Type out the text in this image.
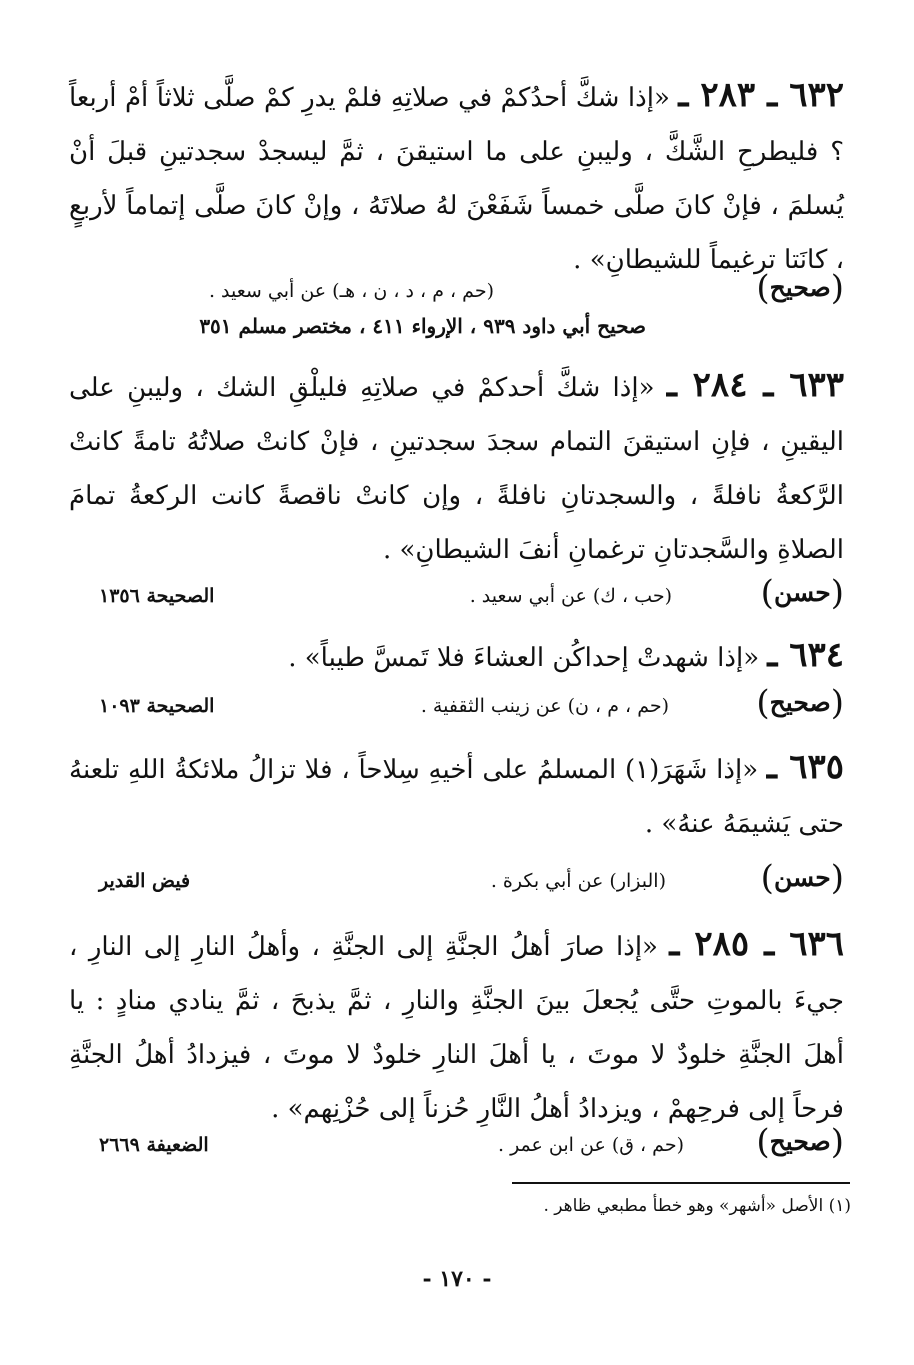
٦٣٢ ـ ٢٨٣ ـ «إذا شكَّ أحدُكمْ في صلاتِهِ فلمْ يدرِ كمْ صلَّى ثلاثاً أمْ أربعاً ؟ فليطرحِ الشَّكَّ ، وليبنِ على ما استيقنَ ، ثمَّ ليسجدْ سجدتينِ قبلَ أنْ يُسلمَ ، فإنْ كانَ صلَّى خمساً شَفَعْنَ لهُ صلاتَهُ ، وإنْ كانَ صلَّى إتماماً لأربعٍ ، كانَتا ترغيماً للشيطانِ» .

(صحيح)
(حم ، م ، د ، ن ، هـ) عن أبي سعيد .
صحيح أبي داود ٩٣٩ ، الإرواء ٤١١ ، مختصر مسلم ٣٥١

٦٣٣ ـ ٢٨٤ ـ «إذا شكَّ أحدكمْ في صلاتِهِ فليلْقِ الشك ، وليبنِ على اليقينِ ، فإنِ استيقنَ التمام سجدَ سجدتينِ ، فإنْ كانتْ صلاتُهُ تامةً كانتْ الرَّكعةُ نافلةً ، والسجدتانِ نافلةً ، وإن كانتْ ناقصةً كانت الركعةُ تمامَ الصلاةِ والسَّجدتانِ ترغمانِ أنفَ الشيطانِ» .

(حسن)
(حب ، ك) عن أبي سعيد .
الصحيحة ١٣٥٦

٦٣٤ ـ «إذا شهدتْ إحداكُن العشاءَ فلا تَمسَّ طيباً» .

(صحيح)
(حم ، م ، ن) عن زينب الثقفية .
الصحيحة ١٠٩٣

٦٣٥ ـ «إذا شَهَرَ(١) المسلمُ على أخيهِ سِلاحاً ، فلا تزالُ ملائكةُ اللهِ تلعنهُ حتى يَشيمَهُ عنهُ» .

(حسن)
(البزار) عن أبي بكرة .
فيض القدير

٦٣٦ ـ ٢٨٥ ـ «إذا صارَ أهلُ الجنَّةِ إلى الجنَّةِ ، وأهلُ النارِ إلى النارِ ، جيءَ بالموتِ حتَّى يُجعلَ بينَ الجنَّةِ والنارِ ، ثمَّ يذبحَ ، ثمَّ ينادي منادٍ : يا أهلَ الجنَّةِ خلودٌ لا موتَ ، يا أهلَ النارِ خلودٌ لا موتَ ، فيزدادُ أهلُ الجنَّةِ فرحاً إلى فرحِهمْ ، ويزدادُ أهلُ النَّارِ حُزناً إلى حُزْنِهم» .

(صحيح)
(حم ، ق) عن ابن عمر .
الضعيفة ٢٦٦٩
(١) الأصل «أشهر» وهو خطأ مطبعي ظاهر .
- ١٧٠ -
